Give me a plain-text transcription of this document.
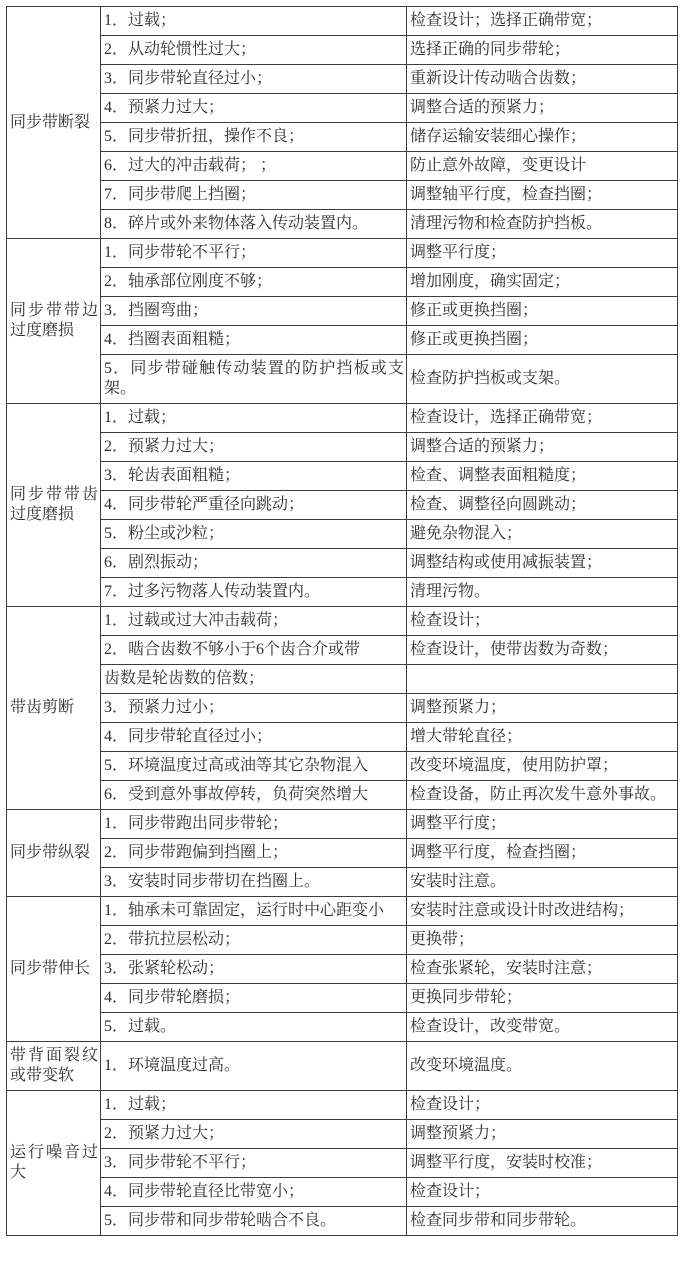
同步带断裂	1．过载；	检查设计；选择正确带宽；
	2．从动轮惯性过大；	选择正确的同步带轮；
	3．同步带轮直径过小；	重新设计传动啮合齿数；
	4．预紧力过大；	调整合适的预紧力；
	5．同步带折扭，操作不良；	储存运输安装细心操作；
	6．过大的冲击载荷； ；	防止意外故障，变更设计
	7．同步带爬上挡圈；	调整轴平行度，检查挡圈；
	8．碎片或外来物体落入传动装置内。	清理污物和检查防护挡板。
同步带带边过度磨损	1．同步带轮不平行；	调整平行度；
	2．轴承部位刚度不够；	增加刚度，确实固定；
	3．挡圈弯曲；	修正或更换挡圈；
	4．挡圈表面粗糙；	修正或更换挡圈；
	5．同步带碰触传动装置的防护挡板或支架。	检查防护挡板或支架。
同步带带齿过度磨损	1．过载；	检查设计，选择正确带宽；
	2．预紧力过大；	调整合适的预紧力；
	3．轮齿表面粗糙；	检查、调整表面粗糙度；
	4．同步带轮严重径向跳动；	检查、调整径向圆跳动；
	5．粉尘或沙粒；	避免杂物混入；
	6．剧烈振动；	调整结构或使用减振装置；
	7．过多污物落人传动装置内。	清理污物。
带齿剪断	1．过载或过大冲击载荷；	检查设计；
	2．啮合齿数不够小于6个齿合介或带	检查设计，使带齿数为奇数；
	齿数是轮齿数的倍数；	
	3．预紧力过小；	调整预紧力；
	4．同步带轮直径过小；	增大带轮直径；
	5．环境温度过高或油等其它杂物混入	改变环境温度，使用防护罩；
	6．受到意外事故停转，负荷突然增大	检查设备，防止再次发牛意外事故。
同步带纵裂	1．同步带跑出同步带轮；	调整平行度；
	2．同步带跑偏到挡圈上；	调整平行度，检查挡圈；
	3．安装时同步带切在挡圈上。	安装时注意。
同步带伸长	1．轴承未可靠固定，运行时中心距变小	安装时注意或设计时改进结构；
	2．带抗拉层松动；	更换带；
	3．张紧轮松动；	检查张紧轮，安装时注意；
	4．同步带轮磨损；	更换同步带轮；
	5．过载。	检查设计，改变带宽。
带背面裂纹或带变软	1．环境温度过高。	改变环境温度。
运行噪音过大	1．过载；	检查设计；
	2．预紧力过大；	调整预紧力；
	3．同步带轮不平行；	调整平行度，安装时校准；
	4．同步带轮直径比带宽小；	检查设计；
	5．同步带和同步带轮啮合不良。	检查同步带和同步带轮。
